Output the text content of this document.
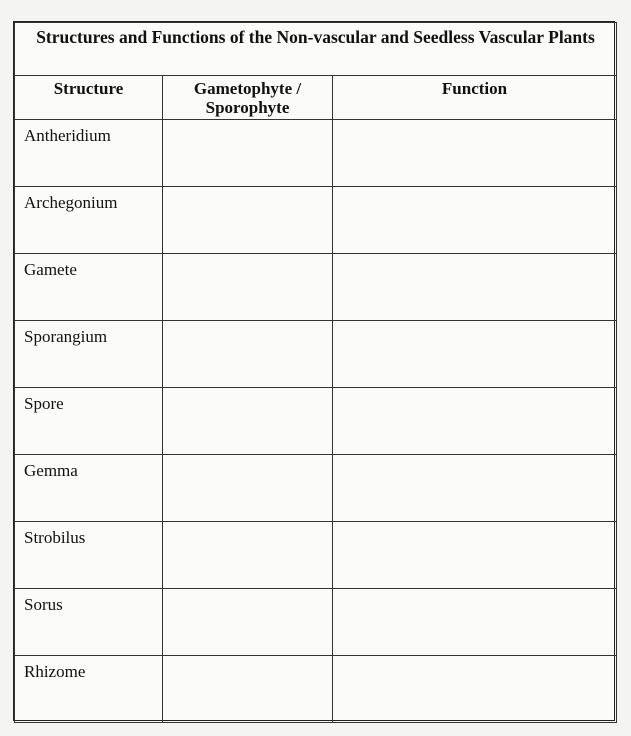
Structures and Functions of the Non-vascular and Seedless Vascular Plants		
Structure	Gametophyte / Sporophyte	Function
Antheridium		
Archegonium		
Gamete		
Sporangium		
Spore		
Gemma		
Strobilus		
Sorus		
Rhizome		
